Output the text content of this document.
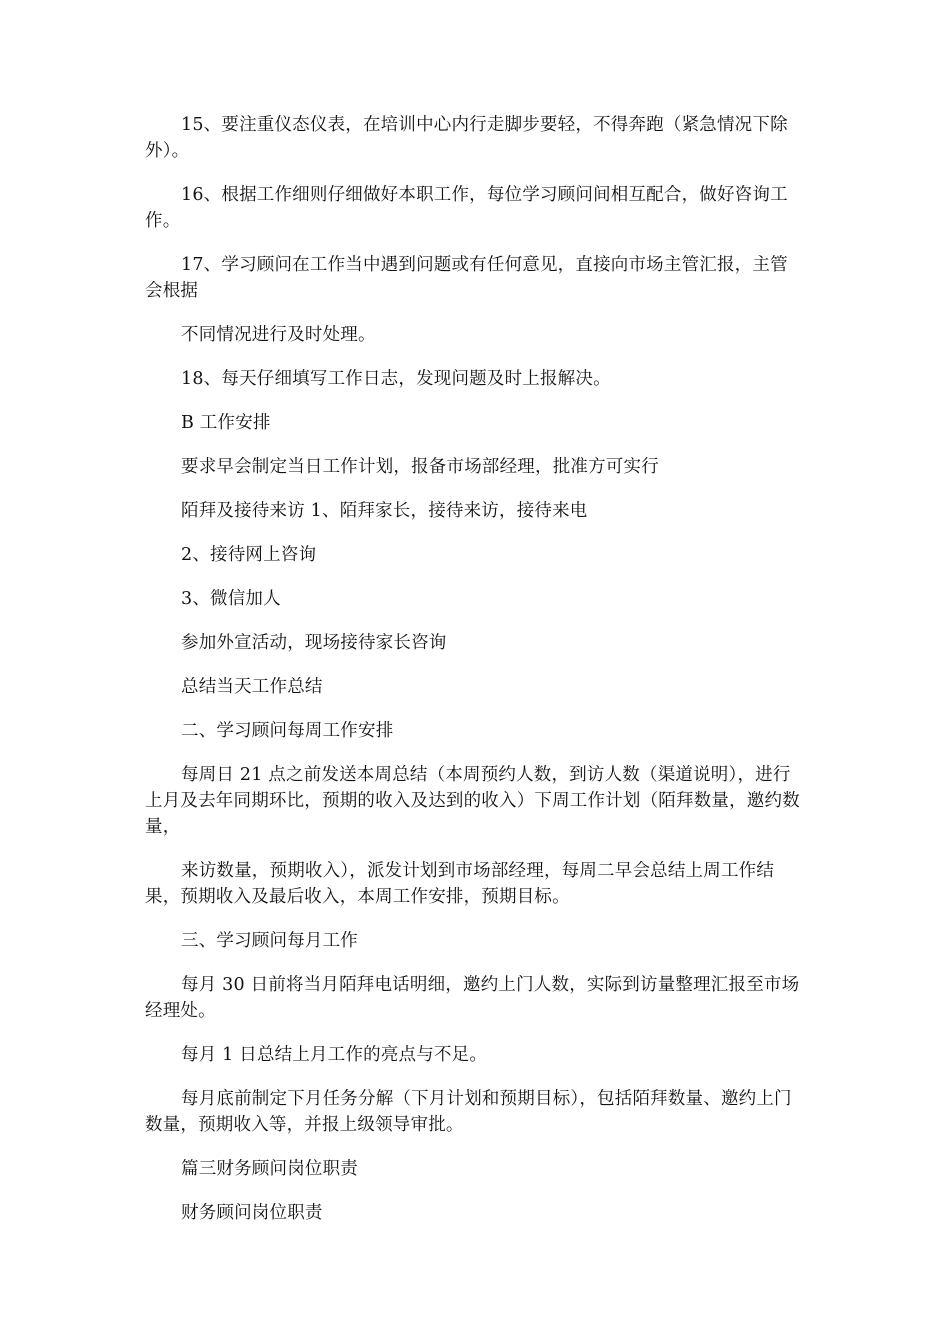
15、要注重仪态仪表，在培训中心内行走脚步要轻，不得奔跑（紧急情况下除外）。

16、根据工作细则仔细做好本职工作，每位学习顾问间相互配合，做好咨询工作。

17、学习顾问在工作当中遇到问题或有任何意见，直接向市场主管汇报，主管会根据

不同情况进行及时处理。

18、每天仔细填写工作日志，发现问题及时上报解决。

B 工作安排

要求早会制定当日工作计划，报备市场部经理，批准方可实行

陌拜及接待来访 1、陌拜家长，接待来访，接待来电

2、接待网上咨询

3、微信加人

参加外宣活动，现场接待家长咨询

总结当天工作总结

二、学习顾问每周工作安排

每周日 21 点之前发送本周总结（本周预约人数，到访人数（渠道说明），进行上月及去年同期环比，预期的收入及达到的收入）下周工作计划（陌拜数量，邀约数量，

来访数量，预期收入），派发计划到市场部经理，每周二早会总结上周工作结果，预期收入及最后收入，本周工作安排，预期目标。

三、学习顾问每月工作

每月 30 日前将当月陌拜电话明细，邀约上门人数，实际到访量整理汇报至市场经理处。

每月 1 日总结上月工作的亮点与不足。

每月底前制定下月任务分解（下月计划和预期目标），包括陌拜数量、邀约上门数量，预期收入等，并报上级领导审批。

篇三财务顾问岗位职责

财务顾问岗位职责
